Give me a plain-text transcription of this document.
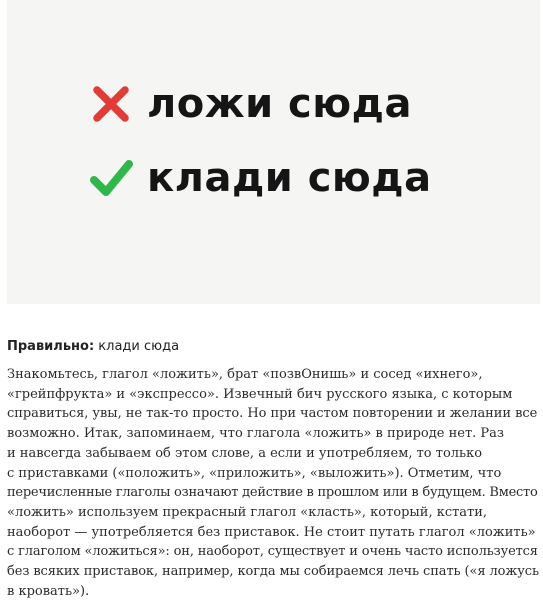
ложи сюда
клади сюда
Правильно: клади сюда
Знакомьтесь, глагол «ложить», брат «позвОнишь» и сосед «ихнего»,
«грейпфрукта» и «экспрессо». Извечный бич русского языка, с которым
справиться, увы, не так-то просто. Но при частом повторении и желании все
возможно. Итак, запоминаем, что глагола «ложить» в природе нет. Раз
и навсегда забываем об этом слове, а если и употребляем, то только
с приставками («положить», «приложить», «выложить»). Отметим, что
перечисленные глаголы означают действие в прошлом или в будущем. Вместо
«ложить» используем прекрасный глагол «класть», который, кстати,
наоборот — употребляется без приставок. Не стоит путать глагол «ложить»
с глаголом «ложиться»: он, наоборот, существует и очень часто используется
без всяких приставок, например, когда мы собираемся лечь спать («я ложусь
в кровать»).
